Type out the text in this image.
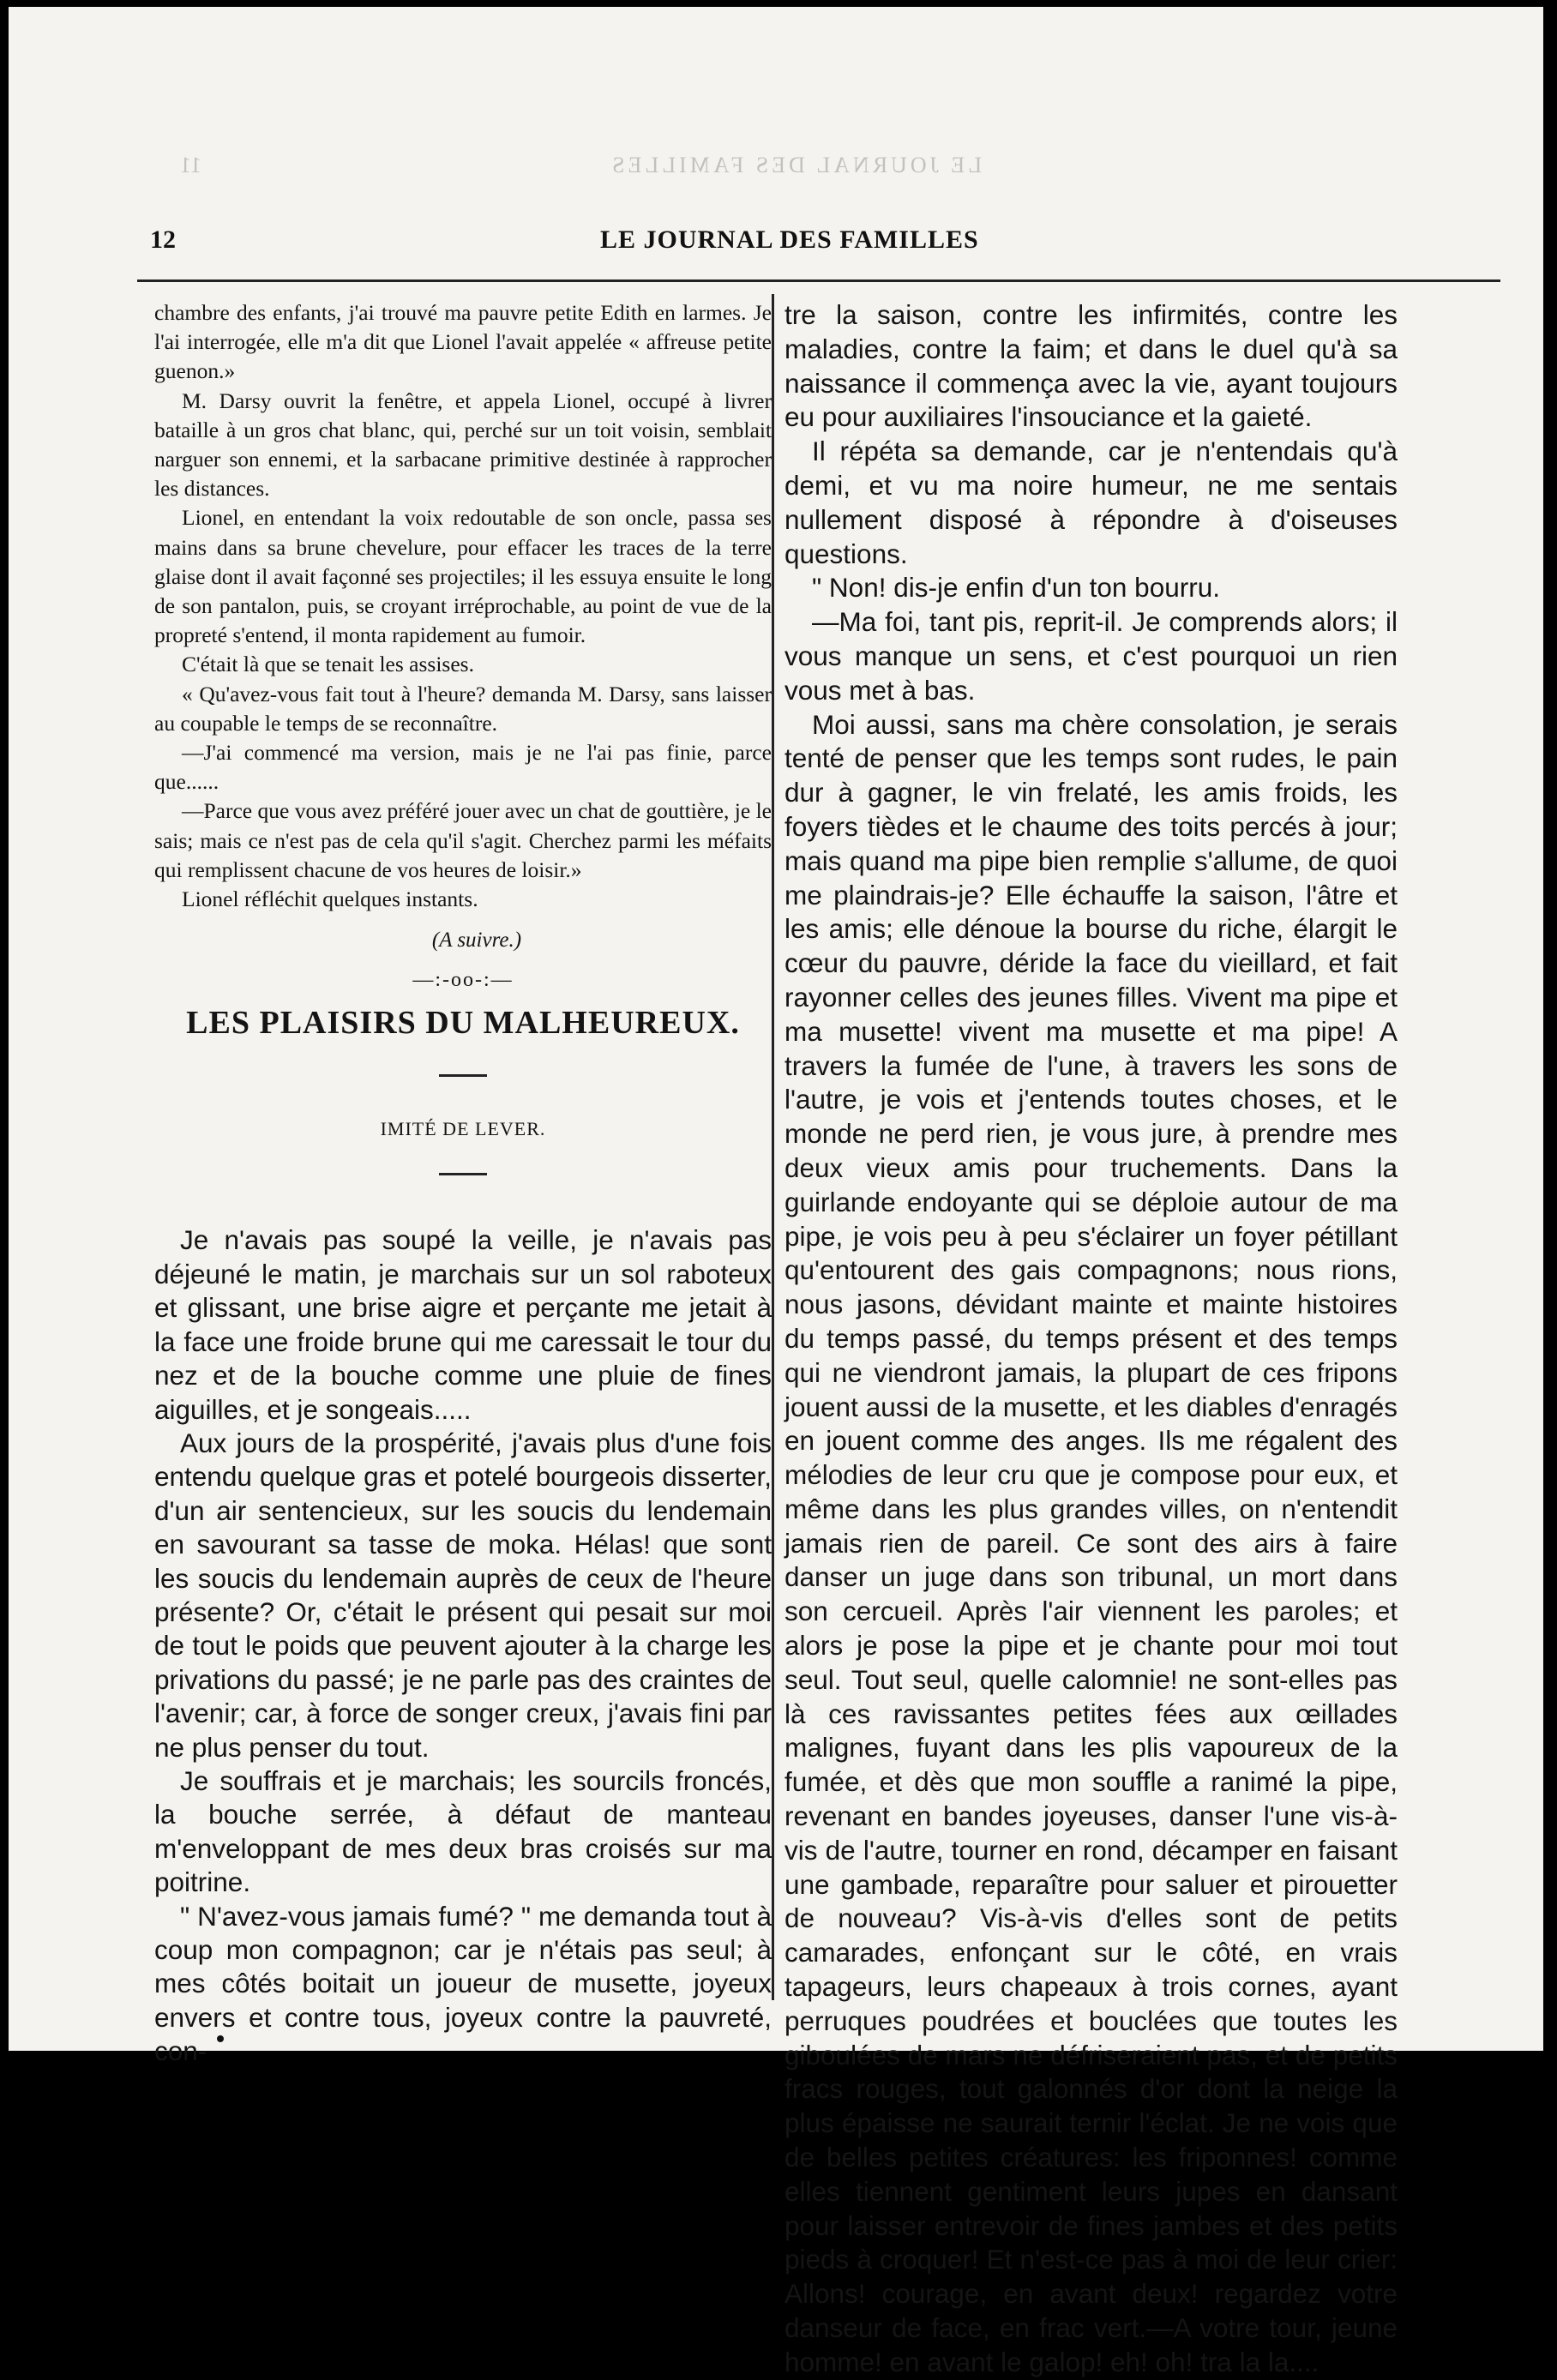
LE JOURNAL DES FAMILLES
11
12	LE JOURNAL DES FAMILLES

chambre des enfants, j'ai trouvé ma pauvre petite Edith en larmes. Je l'ai interrogée, elle m'a dit que Lionel l'avait appelée « affreuse petite guenon.»

M. Darsy ouvrit la fenêtre, et appela Lionel, occupé à livrer bataille à un gros chat blanc, qui, perché sur un toit voisin, semblait narguer son ennemi, et la sarbacane primitive destinée à rapprocher les distances.

Lionel, en entendant la voix redoutable de son oncle, passa ses mains dans sa brune chevelure, pour effacer les traces de la terre glaise dont il avait façonné ses projectiles; il les essuya ensuite le long de son pantalon, puis, se croyant irréprochable, au point de vue de la propreté s'entend, il monta rapidement au fumoir.

C'était là que se tenait les assises.

« Qu'avez-vous fait tout à l'heure? demanda M. Darsy, sans laisser au coupable le temps de se reconnaître.

—J'ai commencé ma version, mais je ne l'ai pas finie, parce que......

—Parce que vous avez préféré jouer avec un chat de gouttière, je le sais; mais ce n'est pas de cela qu'il s'agit. Cherchez parmi les méfaits qui remplissent chacune de vos heures de loisir.»

Lionel réfléchit quelques instants.

(A suivre.)

—:-oo-:—
LES PLAISIRS DU MALHEUREUX.
IMITÉ DE LEVER.

Je n'avais pas soupé la veille, je n'avais pas déjeuné le matin, je marchais sur un sol raboteux et glissant, une brise aigre et perçante me jetait à la face une froide brune qui me caressait le tour du nez et de la bouche comme une pluie de fines aiguilles, et je songeais.....

Aux jours de la prospérité, j'avais plus d'une fois entendu quelque gras et potelé bourgeois disserter, d'un air sentencieux, sur les soucis du lendemain en savourant sa tasse de moka. Hélas! que sont les soucis du lendemain auprès de ceux de l'heure présente? Or, c'était le présent qui pesait sur moi de tout le poids que peuvent ajouter à la charge les privations du passé; je ne parle pas des craintes de l'avenir; car, à force de songer creux, j'avais fini par ne plus penser du tout.

Je souffrais et je marchais; les sourcils froncés, la bouche serrée, à défaut de manteau m'enveloppant de mes deux bras croisés sur ma poitrine.

" N'avez-vous jamais fumé? " me demanda tout à coup mon compagnon; car je n'étais pas seul; à mes côtés boitait un joueur de musette, joyeux envers et contre tous, joyeux contre la pauvreté, con-

tre la saison, contre les infirmités, contre les maladies, contre la faim; et dans le duel qu'à sa naissance il commença avec la vie, ayant toujours eu pour auxiliaires l'insouciance et la gaieté.

Il répéta sa demande, car je n'entendais qu'à demi, et vu ma noire humeur, ne me sentais nullement disposé à répondre à d'oiseuses questions.

" Non! dis-je enfin d'un ton bourru.

—Ma foi, tant pis, reprit-il. Je comprends alors; il vous manque un sens, et c'est pourquoi un rien vous met à bas.

Moi aussi, sans ma chère consolation, je serais tenté de penser que les temps sont rudes, le pain dur à gagner, le vin frelaté, les amis froids, les foyers tièdes et le chaume des toits percés à jour; mais quand ma pipe bien remplie s'allume, de quoi me plaindrais-je? Elle échauffe la saison, l'âtre et les amis; elle dénoue la bourse du riche, élargit le cœur du pauvre, déride la face du vieillard, et fait rayonner celles des jeunes filles. Vivent ma pipe et ma musette! vivent ma musette et ma pipe! A travers la fumée de l'une, à travers les sons de l'autre, je vois et j'entends toutes choses, et le monde ne perd rien, je vous jure, à prendre mes deux vieux amis pour truchements. Dans la guirlande endoyante qui se déploie autour de ma pipe, je vois peu à peu s'éclairer un foyer pétillant qu'entourent des gais compagnons; nous rions, nous jasons, dévidant mainte et mainte histoires du temps passé, du temps présent et des temps qui ne viendront jamais, la plupart de ces fripons jouent aussi de la musette, et les diables d'enragés en jouent comme des anges. Ils me régalent des mélodies de leur cru que je compose pour eux, et même dans les plus grandes villes, on n'entendit jamais rien de pareil. Ce sont des airs à faire danser un juge dans son tribunal, un mort dans son cercueil. Après l'air viennent les paroles; et alors je pose la pipe et je chante pour moi tout seul. Tout seul, quelle calomnie! ne sont-elles pas là ces ravissantes petites fées aux œillades malignes, fuyant dans les plis vapoureux de la fumée, et dès que mon souffle a ranimé la pipe, revenant en bandes joyeuses, danser l'une vis-à-vis de l'autre, tourner en rond, décamper en faisant une gambade, reparaître pour saluer et pirouetter de nouveau? Vis-à-vis d'elles sont de petits camarades, enfonçant sur le côté, en vrais tapageurs, leurs chapeaux à trois cornes, ayant perruques poudrées et bouclées que toutes les giboulées de mars ne défriseraient pas, et de petits fracs rouges, tout galonnés d'or dont la neige la plus épaisse ne saurait ternir l'éclat. Je ne vois que de belles petites créatures: les friponnes! comme elles tiennent gentiment leurs jupes en dansant pour laisser entrevoir de fines jambes et des petits pieds à croquer! Et n'est-ce pas à moi de leur crier: Allons! courage, en avant deux! regardez votre danseur de face, en frac vert.—A votre tour, jeune homme! en avant le galop! eh! oh! tra la la....
